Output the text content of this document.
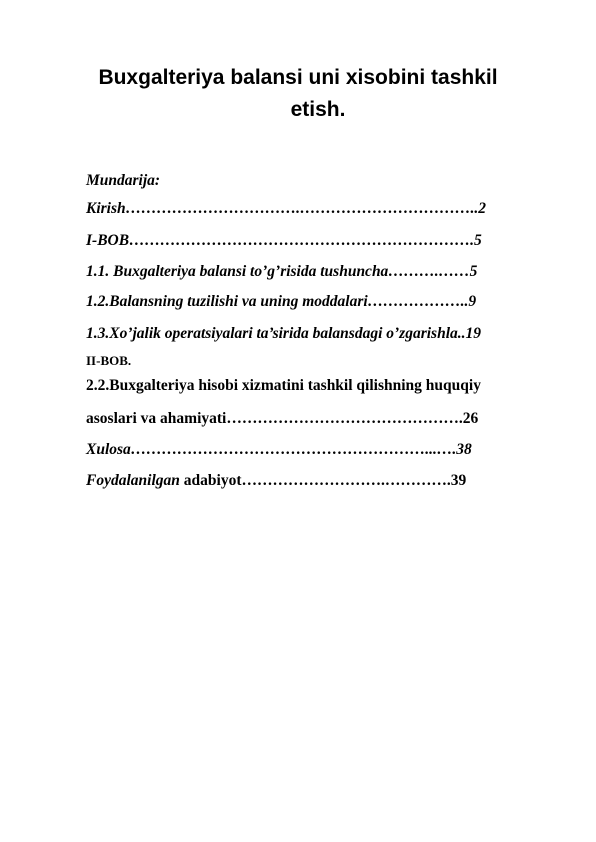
Buxgalteriya balansi uni xisobini tashkil
etish.
Mundarija:
Kirish…………………………….……………………………..2
I-BOB………………………………………………………….5
1.1. Buxgalteriya balansi to’g’risida tushuncha……….……5
1.2.Balansning tuzilishi va uning moddalari………………..9
1.3.Xo’jalik operatsiyalari ta’sirida balansdagi o’zgarishla..19
II-BOB.
2.2.Buxgalteriya hisobi xizmatini tashkil qilishning huquqiy
asoslari va ahamiyati……………………………………….26
Xulosa…………………………………………………...….38
Foydalanilgan adabiyot……………………….………….39
